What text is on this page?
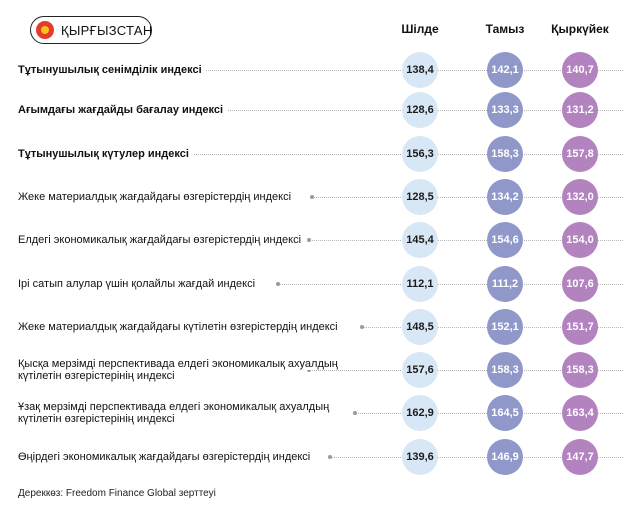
ҚЫРҒЫЗСТАН	Шілде	Тамыз	Қыркүйек
Тұтынушылық сенімділік индексі	138,4	142,1	140,7
Ағымдағы жағдайды бағалау индексі	128,6	133,3	131,2
Тұтынушылық күтулер индексі	156,3	158,3	157,8
Жеке материалдық жағдайдағы өзгерістердің индексі	128,5	134,2	132,0
Елдегі экономикалық жағдайдағы өзгерістердің индексі	145,4	154,6	154,0
Ірі сатып алулар үшін қолайлы жағдай индексі	112,1	111,2	107,6
Жеке материалдық жағдайдағы күтілетін өзгерістердің индексі	148,5	152,1	151,7
Қысқа мерзімді перспективада елдегі экономикалық ахуалдың күтілетін өзгерістерінің индексі	157,6	158,3	158,3
Ұзақ мерзімді перспективада елдегі экономикалық ахуалдың күтілетін өзгерістерінің индексі	162,9	164,5	163,4
Өңірдегі экономикалық жағдайдағы өзгерістердің индексі	139,6	146,9	147,7
Дереккөз: Freedom Finance Global зерттеуі
